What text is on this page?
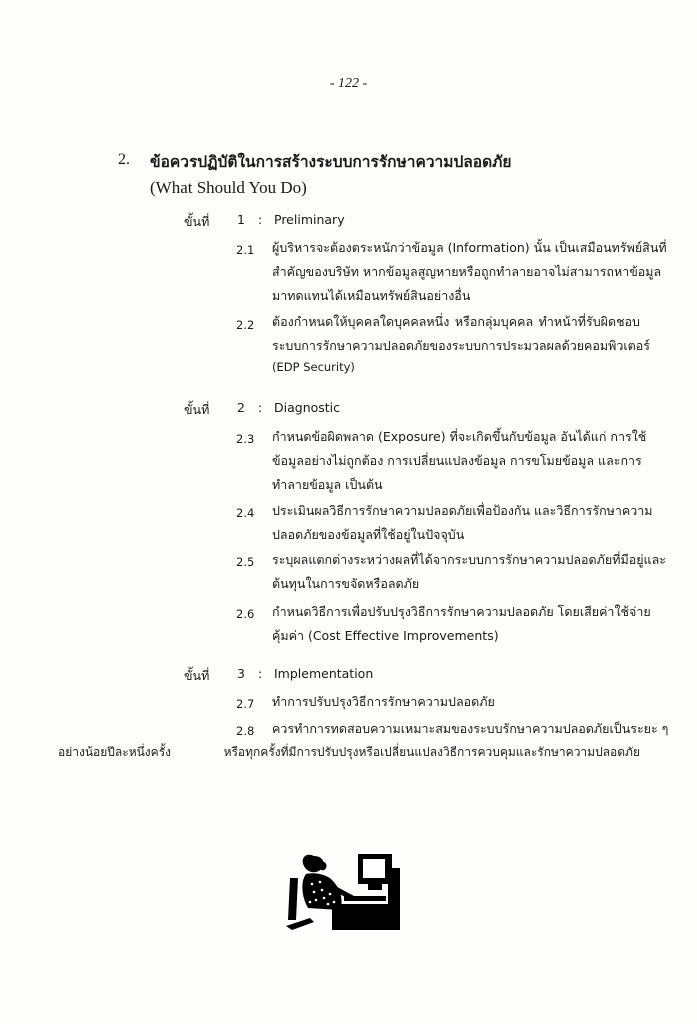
- 122 -
2. ข้อควรปฏิบัติในการสร้างระบบการรักษาความปลอดภัย
(What Should You Do)
ขั้นที่ 1 : Preliminary
2.1 ผู้บริหารจะต้องตระหนักว่าข้อมูล (Information) นั้น เป็นเสมือนทรัพย์สินที่
สำคัญของบริษัท หากข้อมูลสูญหายหรือถูกทำลายอาจไม่สามารถหาข้อมูล
มาทดแทนได้เหมือนทรัพย์สินอย่างอื่น
2.2 ต้องกำหนดให้บุคคลใดบุคคลหนึ่ง หรือกลุ่มบุคคล ทำหน้าที่รับผิดชอบ
ระบบการรักษาความปลอดภัยของระบบการประมวลผลด้วยคอมพิวเตอร์
(EDP Security)
ขั้นที่ 2 : Diagnostic
2.3 กำหนดข้อผิดพลาด (Exposure) ที่จะเกิดขึ้นกับข้อมูล อันได้แก่ การใช้
ข้อมูลอย่างไม่ถูกต้อง การเปลี่ยนแปลงข้อมูล การขโมยข้อมูล และการ
ทำลายข้อมูล เป็นต้น
2.4 ประเมินผลวิธีการรักษาความปลอดภัยเพื่อป้องกัน และวิธีการรักษาความ
ปลอดภัยของข้อมูลที่ใช้อยู่ในปัจจุบัน
2.5 ระบุผลแตกต่างระหว่างผลที่ได้จากระบบการรักษาความปลอดภัยที่มีอยู่และ
ต้นทุนในการขจัดหรือลดภัย
2.6 กำหนดวิธีการเพื่อปรับปรุงวิธีการรักษาความปลอดภัย โดยเสียค่าใช้จ่าย
คุ้มค่า (Cost Effective Improvements)
ขั้นที่ 3 : Implementation
2.7 ทำการปรับปรุงวิธีการรักษาความปลอดภัย
2.8 ควรทำการทดสอบความเหมาะสมของระบบรักษาความปลอดภัยเป็นระยะ ๆ
อย่างน้อยปีละหนึ่งครั้ง หรือทุกครั้งที่มีการปรับปรุงหรือเปลี่ยนแปลงวิธีการควบคุมและรักษาความปลอดภัย
